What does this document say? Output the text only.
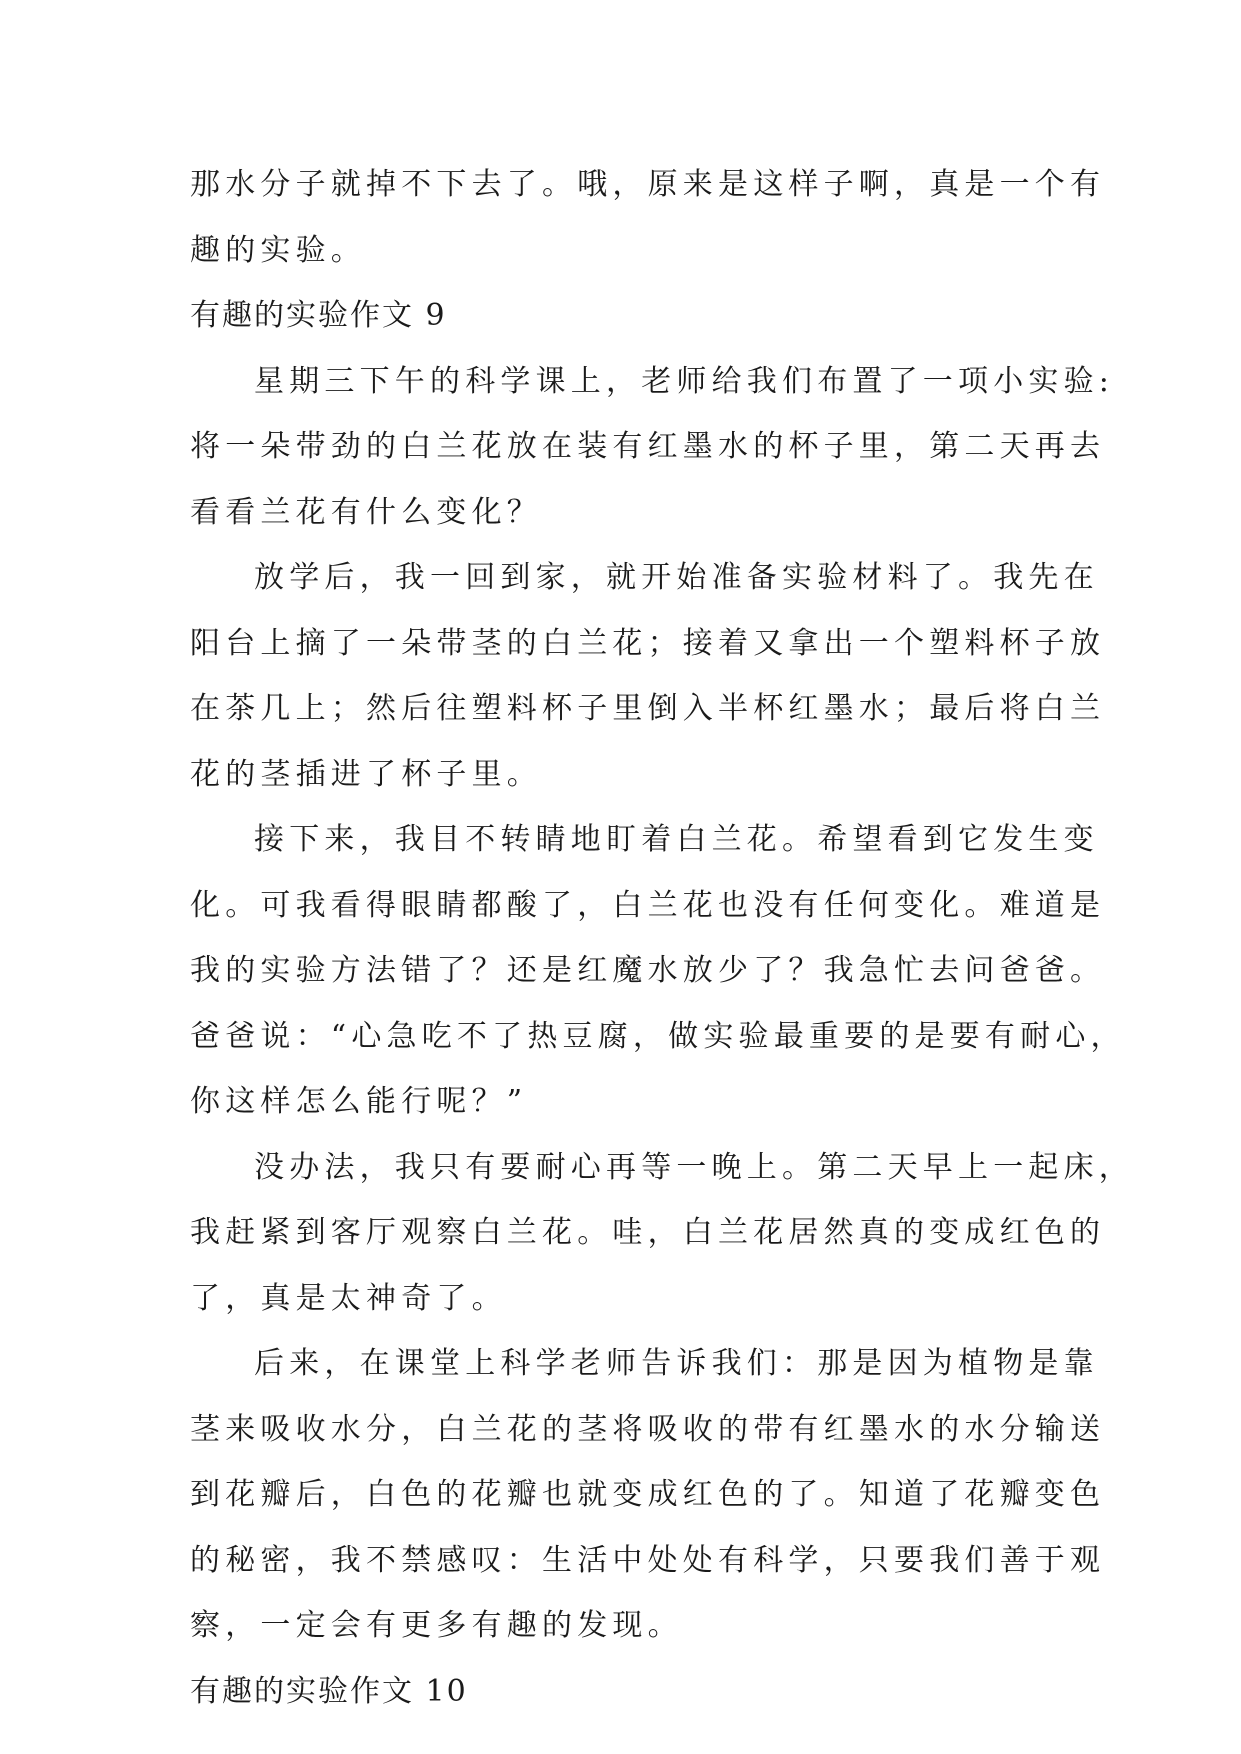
那水分子就掉不下去了。哦，原来是这样子啊，真是一个有
趣的实验。
有趣的实验作文 9
星期三下午的科学课上，老师给我们布置了一项小实验:
将一朵带劲的白兰花放在装有红墨水的杯子里，第二天再去
看看兰花有什么变化？
放学后，我一回到家，就开始准备实验材料了。我先在
阳台上摘了一朵带茎的白兰花；接着又拿出一个塑料杯子放
在茶几上；然后往塑料杯子里倒入半杯红墨水；最后将白兰
花的茎插进了杯子里。
接下来，我目不转睛地盯着白兰花。希望看到它发生变
化。可我看得眼睛都酸了，白兰花也没有任何变化。难道是
我的实验方法错了？还是红魔水放少了？我急忙去问爸爸。
爸爸说：“心急吃不了热豆腐，做实验最重要的是要有耐心，
你这样怎么能行呢？”
没办法，我只有要耐心再等一晚上。第二天早上一起床，
我赶紧到客厅观察白兰花。哇，白兰花居然真的变成红色的
了，真是太神奇了。
后来，在课堂上科学老师告诉我们：那是因为植物是靠
茎来吸收水分，白兰花的茎将吸收的带有红墨水的水分输送
到花瓣后，白色的花瓣也就变成红色的了。知道了花瓣变色
的秘密，我不禁感叹：生活中处处有科学，只要我们善于观
察，一定会有更多有趣的发现。
有趣的实验作文 10
